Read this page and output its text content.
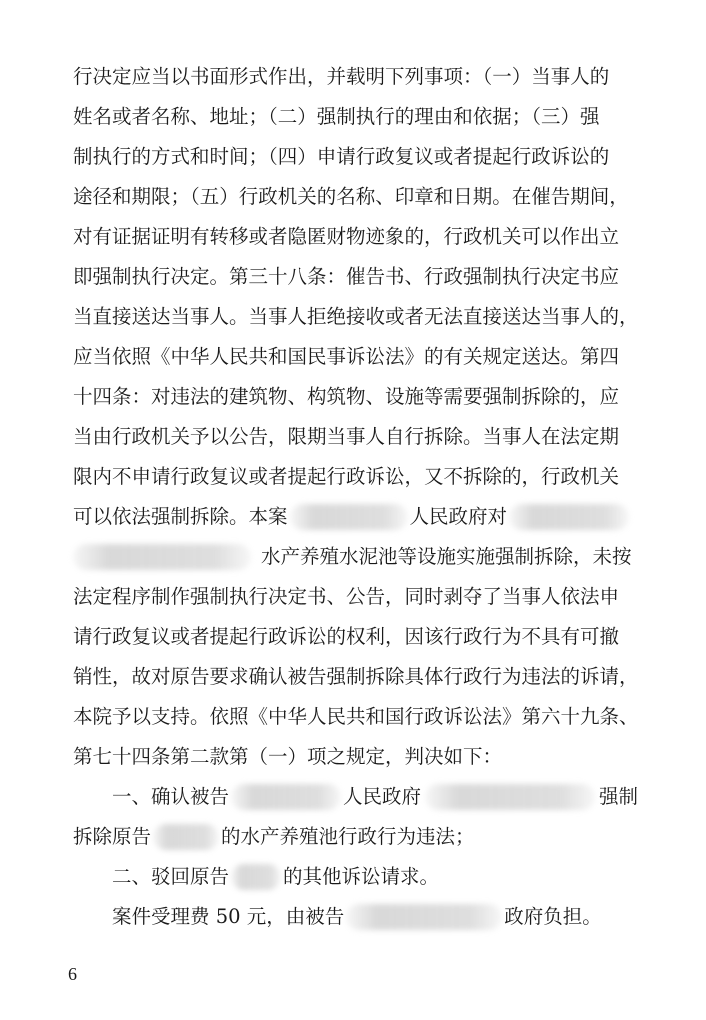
行决定应当以书面形式作出，并载明下列事项：（一）当事人的
姓名或者名称、地址；（二）强制执行的理由和依据；（三）强
制执行的方式和时间；（四）申请行政复议或者提起行政诉讼的
途径和期限；（五）行政机关的名称、印章和日期。在催告期间，
对有证据证明有转移或者隐匿财物迹象的，行政机关可以作出立
即强制执行决定。第三十八条：催告书、行政强制执行决定书应
当直接送达当事人。当事人拒绝接收或者无法直接送达当事人的，
应当依照《中华人民共和国民事诉讼法》的有关规定送达。第四
十四条：对违法的建筑物、构筑物、设施等需要强制拆除的，应
当由行政机关予以公告，限期当事人自行拆除。当事人在法定期
限内不申请行政复议或者提起行政诉讼，又不拆除的，行政机关
可以依法强制拆除。本案	人民政府对
水产养殖水泥池等设施实施强制拆除，未按
法定程序制作强制执行决定书、公告，同时剥夺了当事人依法申
请行政复议或者提起行政诉讼的权利，因该行政行为不具有可撤
销性，故对原告要求确认被告强制拆除具体行政行为违法的诉请，
本院予以支持。依照《中华人民共和国行政诉讼法》第六十九条、
第七十四条第二款第（一）项之规定，判决如下：
一、确认被告	人民政府	强制
拆除原告	的水产养殖池行政行为违法；
二、驳回原告	的其他诉讼请求。
案件受理费 50 元，由被告	政府负担。
6
